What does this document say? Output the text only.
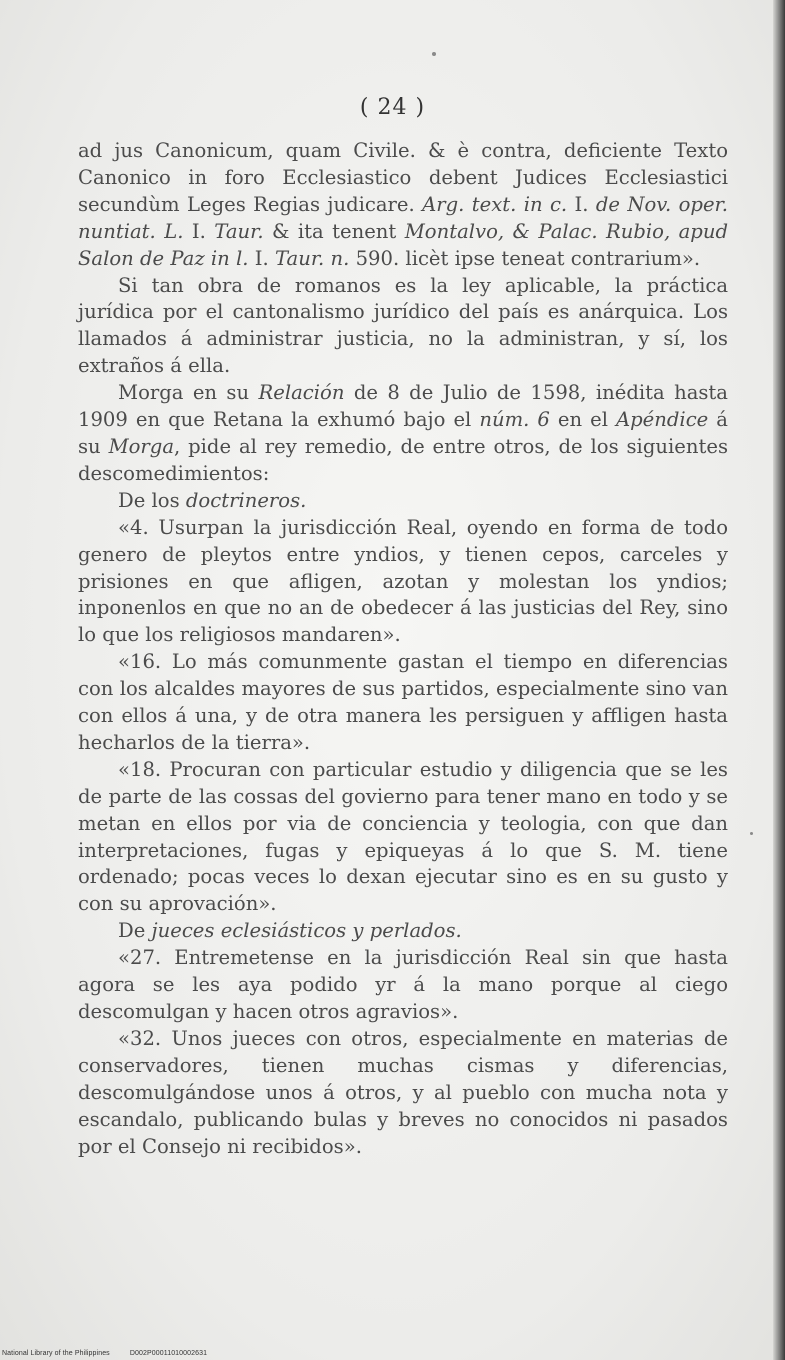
( 24 )

ad jus Canonicum, quam Civile. & è contra, deficiente Texto Canonico in foro Ecclesiastico debent Judices Ecclesiastici secundùm Leges Regias judicare. Arg. text. in c. I. de Nov. oper. nuntiat. L. I. Taur. & ita tenent Montalvo, & Palac. Rubio, apud Salon de Paz in l. I. Taur. n. 590. licèt ipse teneat contrarium».

Si tan obra de romanos es la ley aplicable, la práctica jurídica por el cantonalismo jurídico del país es anárquica. Los llamados á administrar justicia, no la administran, y sí, los extraños á ella.

Morga en su Relación de 8 de Julio de 1598, inédita hasta 1909 en que Retana la exhumó bajo el núm. 6 en el Apéndice á su Morga, pide al rey remedio, de entre otros, de los siguientes descomedimientos:

De los doctrineros.

«4. Usurpan la jurisdicción Real, oyendo en forma de todo genero de pleytos entre yndios, y tienen cepos, carceles y prisiones en que afligen, azotan y molestan los yndios; inponenlos en que no an de obedecer á las justicias del Rey, sino lo que los religiosos mandaren».

«16. Lo más comunmente gastan el tiempo en diferencias con los alcaldes mayores de sus partidos, especialmente sino van con ellos á una, y de otra manera les persiguen y affligen hasta hecharlos de la tierra».

«18. Procuran con particular estudio y diligencia que se les de parte de las cossas del govierno para tener mano en todo y se metan en ellos por via de conciencia y teologia, con que dan interpretaciones, fugas y epiqueyas á lo que S. M. tiene ordenado; pocas veces lo dexan ejecutar sino es en su gusto y con su aprovación».

De jueces eclesiásticos y perlados.

«27. Entremetense en la jurisdicción Real sin que hasta agora se les aya podido yr á la mano porque al ciego descomulgan y hacen otros agravios».

«32. Unos jueces con otros, especialmente en materias de conservadores, tienen muchas cismas y diferencias, descomulgándose unos á otros, y al pueblo con mucha nota y escandalo, publicando bulas y breves no conocidos ni pasados por el Consejo ni recibidos».

National Library of the Philippines	D002P00011010002631
